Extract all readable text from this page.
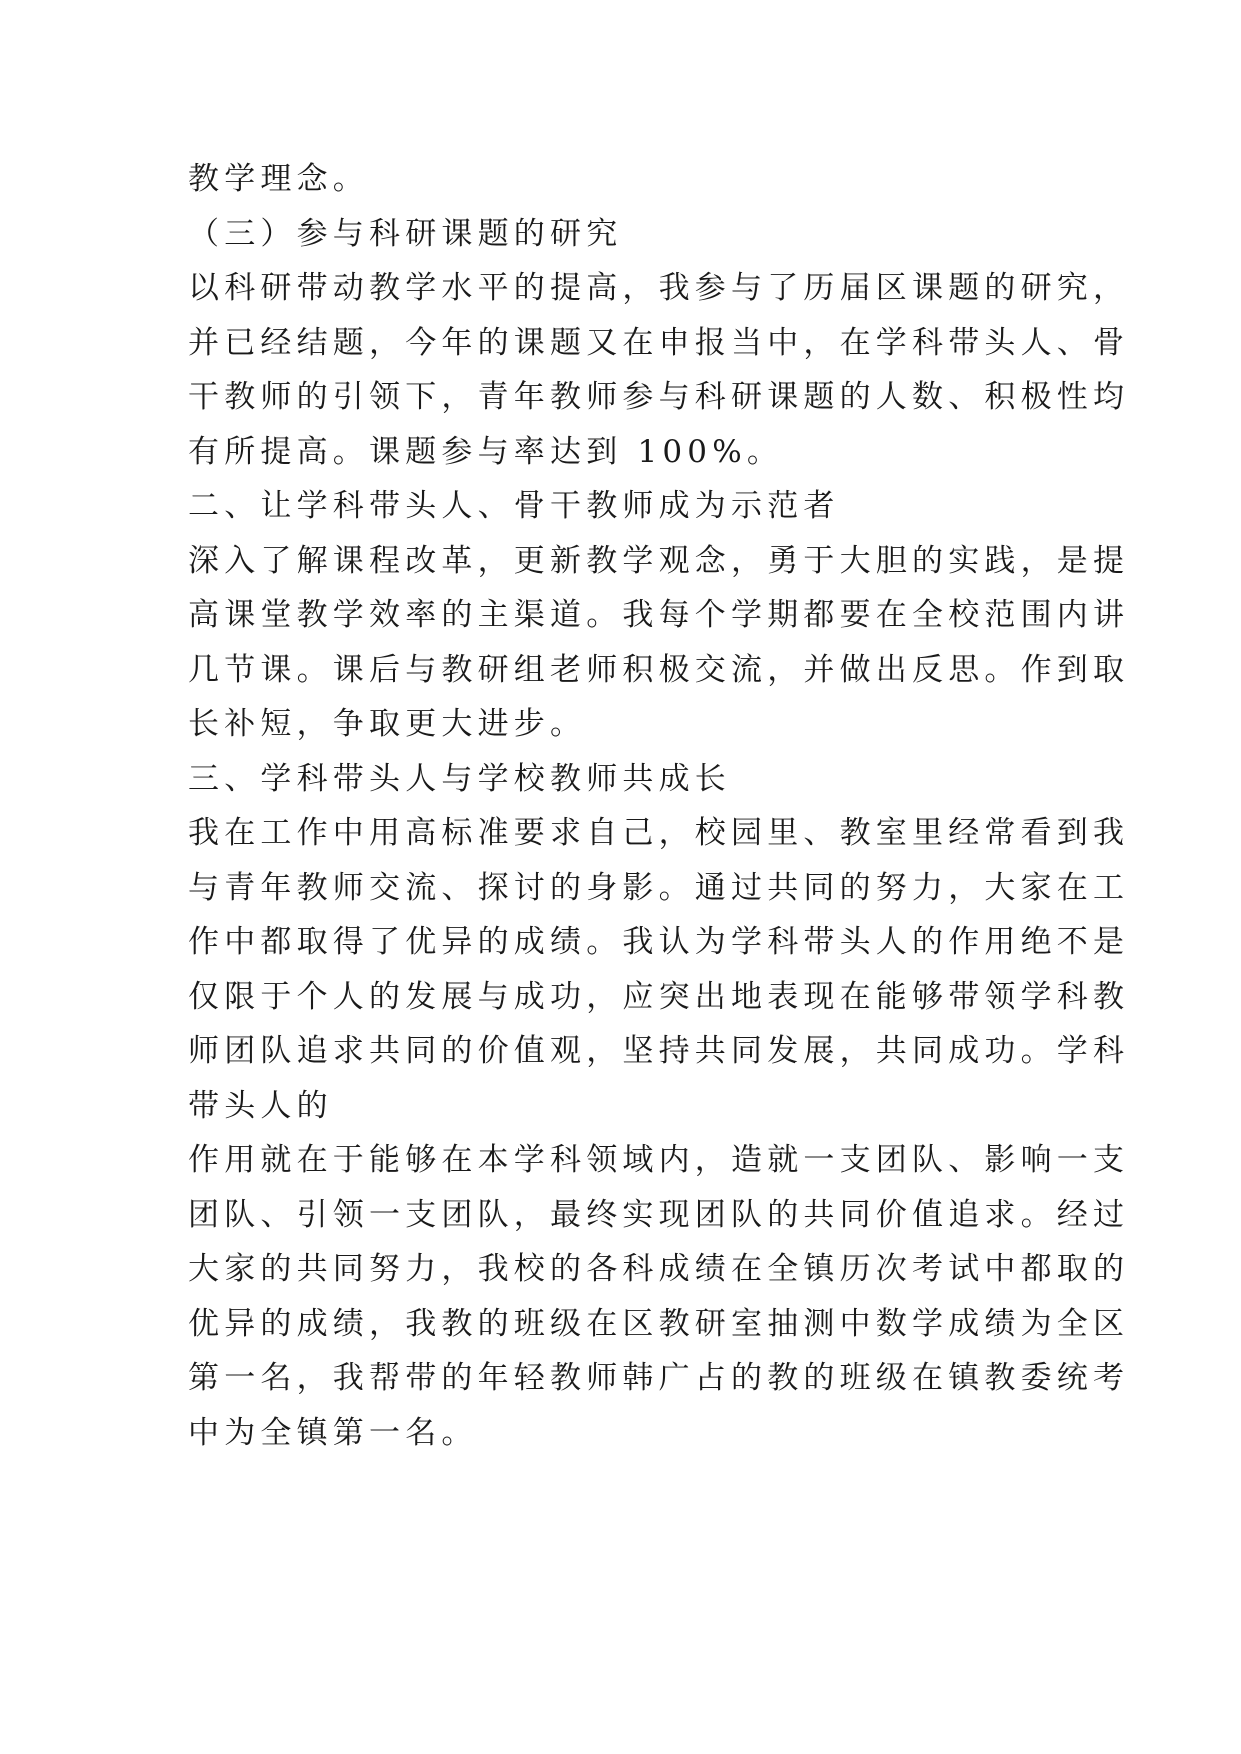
教学理念。
（三）参与科研课题的研究
以科研带动教学水平的提高，我参与了历届区课题的研究，
并已经结题，今年的课题又在申报当中，在学科带头人、骨
干教师的引领下，青年教师参与科研课题的人数、积极性均
有所提高。课题参与率达到 100%。
二、让学科带头人、骨干教师成为示范者
深入了解课程改革，更新教学观念，勇于大胆的实践，是提
高课堂教学效率的主渠道。我每个学期都要在全校范围内讲
几节课。课后与教研组老师积极交流，并做出反思。作到取
长补短，争取更大进步。
三、学科带头人与学校教师共成长
我在工作中用高标准要求自己，校园里、教室里经常看到我
与青年教师交流、探讨的身影。通过共同的努力，大家在工
作中都取得了优异的成绩。我认为学科带头人的作用绝不是
仅限于个人的发展与成功，应突出地表现在能够带领学科教
师团队追求共同的价值观，坚持共同发展，共同成功。学科
带头人的
作用就在于能够在本学科领域内，造就一支团队、影响一支
团队、引领一支团队，最终实现团队的共同价值追求。经过
大家的共同努力，我校的各科成绩在全镇历次考试中都取的
优异的成绩，我教的班级在区教研室抽测中数学成绩为全区
第一名，我帮带的年轻教师韩广占的教的班级在镇教委统考
中为全镇第一名。
